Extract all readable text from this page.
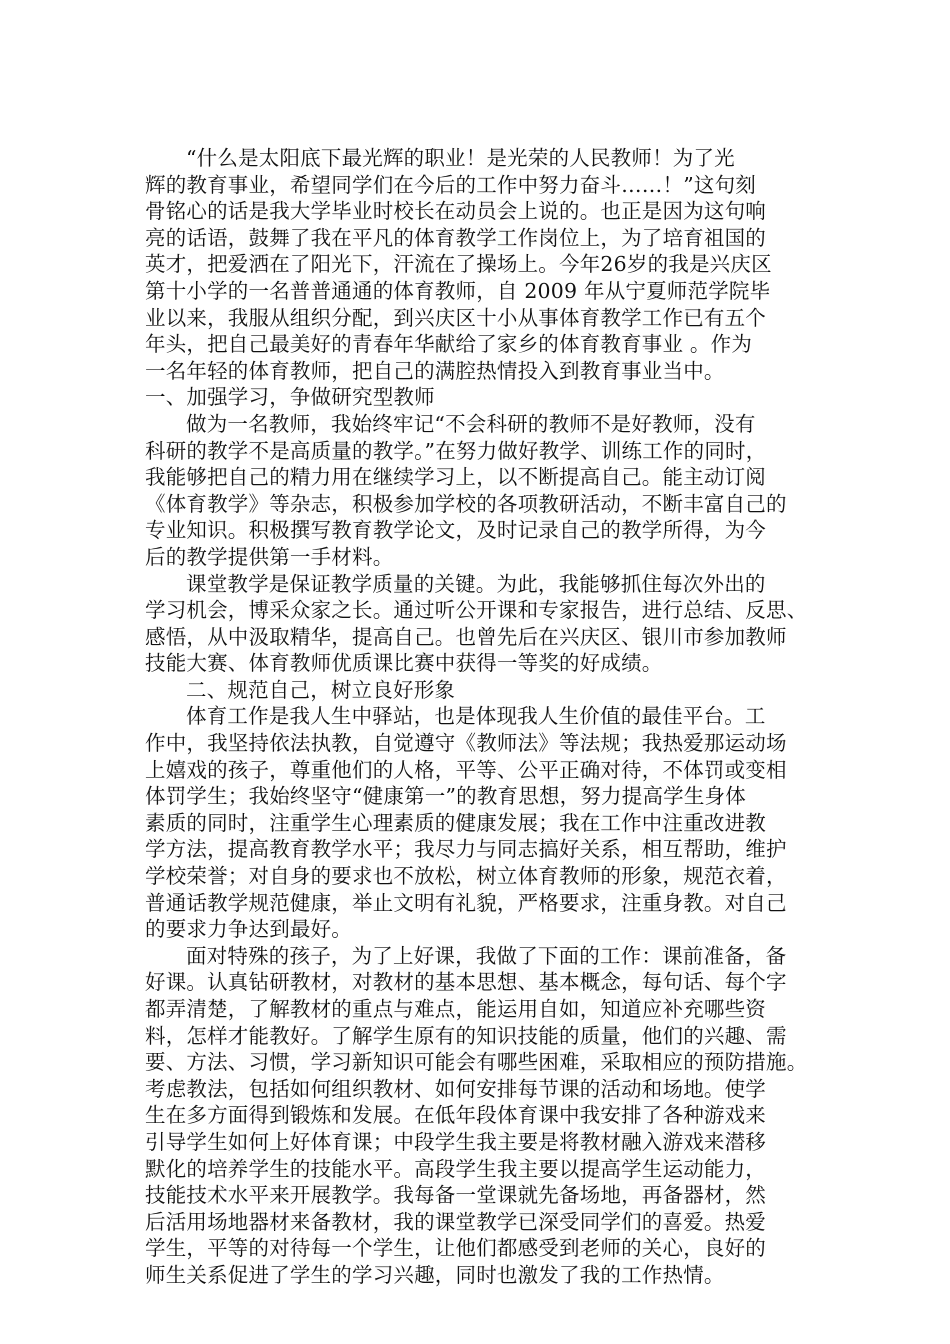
“什么是太阳底下最光辉的职业！是光荣的人民教师！为了光
辉的教育事业，希望同学们在今后的工作中努力奋斗……！”这句刻
骨铭心的话是我大学毕业时校长在动员会上说的。也正是因为这句响
亮的话语，鼓舞了我在平凡的体育教学工作岗位上，为了培育祖国的
英才，把爱洒在了阳光下，汗流在了操场上。今年26岁的我是兴庆区
第十小学的一名普普通通的体育教师，自 2009 年从宁夏师范学院毕
业以来，我服从组织分配，到兴庆区十小从事体育教学工作已有五个
年头，把自己最美好的青春年华献给了家乡的体育教育事业 。作为
一名年轻的体育教师，把自己的满腔热情投入到教育事业当中。
一、加强学习，争做研究型教师
做为一名教师，我始终牢记“不会科研的教师不是好教师，没有
科研的教学不是高质量的教学。”在努力做好教学、训练工作的同时，
我能够把自己的精力用在继续学习上，以不断提高自己。能主动订阅
《体育教学》等杂志，积极参加学校的各项教研活动，不断丰富自己的
专业知识。积极撰写教育教学论文，及时记录自己的教学所得，为今
后的教学提供第一手材料。
课堂教学是保证教学质量的关键。为此，我能够抓住每次外出的
学习机会，博采众家之长。通过听公开课和专家报告，进行总结、反思、
感悟，从中汲取精华，提高自己。也曾先后在兴庆区、银川市参加教师
技能大赛、体育教师优质课比赛中获得一等奖的好成绩。
二、规范自己，树立良好形象
体育工作是我人生中驿站，也是体现我人生价值的最佳平台。工
作中，我坚持依法执教，自觉遵守《教师法》等法规；我热爱那运动场
上嬉戏的孩子，尊重他们的人格，平等、公平正确对待，不体罚或变相
体罚学生；我始终坚守“健康第一”的教育思想，努力提高学生身体
素质的同时，注重学生心理素质的健康发展；我在工作中注重改进教
学方法，提高教育教学水平；我尽力与同志搞好关系，相互帮助，维护
学校荣誉；对自身的要求也不放松，树立体育教师的形象，规范衣着，
普通话教学规范健康，举止文明有礼貌，严格要求，注重身教。对自己
的要求力争达到最好。
面对特殊的孩子，为了上好课，我做了下面的工作：课前准备，备
好课。认真钻研教材，对教材的基本思想、基本概念，每句话、每个字
都弄清楚，了解教材的重点与难点，能运用自如，知道应补充哪些资
料，怎样才能教好。了解学生原有的知识技能的质量，他们的兴趣、需
要、方法、习惯，学习新知识可能会有哪些困难，采取相应的预防措施。
考虑教法，包括如何组织教材、如何安排每节课的活动和场地。使学
生在多方面得到锻炼和发展。在低年段体育课中我安排了各种游戏来
引导学生如何上好体育课；中段学生我主要是将教材融入游戏来潜移
默化的培养学生的技能水平。高段学生我主要以提高学生运动能力，
技能技术水平来开展教学。我每备一堂课就先备场地，再备器材，然
后活用场地器材来备教材，我的课堂教学已深受同学们的喜爱。热爱
学生，平等的对待每一个学生，让他们都感受到老师的关心，良好的
师生关系促进了学生的学习兴趣，同时也激发了我的工作热情。
